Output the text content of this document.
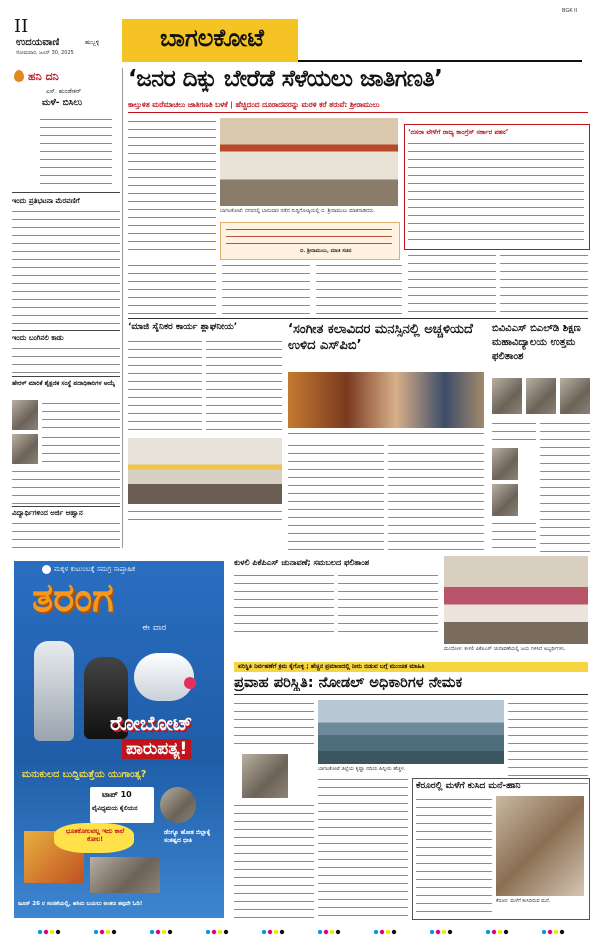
II
ಉದಯವಾಣಿ	ಹುಬ್ಬಳ್ಳಿ
ಸೋಮವಾರ, ಜೂನ್ 30, 2025
ಬಾಗಲಕೋಟೆ
BGK II
ಹನಿ ದನಿ
ಎಸ್. ಹುಂಡೇಕರ್
ಮಳೆ- ಬಿಸಿಲು
ಇಂದು ಪ್ರತಿಭಟನಾ ಮೆರವಣಿಗೆ
ಇಂದು ಬಂಗಿನಲಿ ಕಾಡು
ಹೇರಳ್ ಮಾರಿಕೆ ಶೈಕ್ಷಣಿಕ ಸಂಸ್ಥೆ ಪದಾಧಿಕಾರಿಗಳ ಆಯ್ಕೆ
ವಿದ್ಯಾರ್ಥಿಗಳಿಂದ ಅರ್ಜಿ ಆಹ್ವಾನ
‘ಜನರ ದಿಕ್ಕು ಬೇರೆಡೆ ಸೆಳೆಯಲು ಜಾತಿಗಣತಿ’
ಕಾಲ್ತುಳಿತ ಮರೆಮಾಚಲು ಜಾತಿಗಣತಿ ಬಳಕೆ | ಹೆಚ್ಚಿದಂದ ದೂರಾದವರನ್ನು ಮರಳಿ ಕರೆ ತರುವೆ: ಶ್ರೀರಾಮುಲು
ಬಾಗಲಕೋಟೆ: ನಗರದಲ್ಲಿ ಭಾನುವಾರ ನಡೆದ ಸುದ್ದಿಗೋಷ್ಠಿಯಲ್ಲಿ ಬಿ. ಶ್ರೀರಾಮುಲು ಮಾತನಾಡಿದರು.
ಬಿ. ಶ್ರೀರಾಮುಲು, ಮಾಜಿ ಸಚಿವ
‘ದಸರಾ ವೇಳೆಗೆ ರಾಜ್ಯ ಕಾಂಗ್ರೆಸ್ ಸರ್ಕಾರ ಪತನ’
‘ಮಾಜಿ ಸೈನಿಕರ ಕಾರ್ಯ ಶ್ಲಾಘನೀಯ’	‘ಸಂಗೀತ ಕಲಾವಿದರ ಮನಸ್ಸಿನಲ್ಲಿ ಅಚ್ಚಳಿಯದೆ ಉಳಿದ ಎಸ್‌ಪಿಬಿ’
ಬಿವಿವಿಎಸ್ ಬಿಎಲ್‌ಡಿ ಶಿಕ್ಷಣ ಮಹಾವಿದ್ಯಾಲಯ ಉತ್ತಮ ಫಲಿತಾಂಶ
ಮಕ್ಕಳ ಕುಟುಂಬಕ್ಕೆ ಸಮಗ್ರ ಸಾಪ್ತಾಹಿಕ
ತರಂಗ
ಈ ವಾರ
ರೋಬೋಟ್
ಪಾರುಪತ್ಯ!
ಮನುಕುಲದ ಬುದ್ಧಿಮತ್ತೆಯ ಯುಗಾಂತ್ಯ?
ಟಾಪ್ 10
ವೈವಿಧ್ಯಮಯ ಕೈಲಿಯನ
ಡೆಂಗ್ಯೂ ಹೋತ ಜಿಲ್ಲಾಕ್ಕೆ ಸಂಕಷ್ಟದ ಭೀತಿ
ಭೂತಕೋಲವಲ್ಲ ಇದು ಕಾಲೆ ಕೋಲ!
ಜೂನ್ 26 ರ ಸಂಚಿಕೆಯಲ್ಲಿ, ಹಸಿರು ಬಯಲು ಅಂಕಣ ತಪ್ಪದೇ ಓದಿ!
ಕುಳಲಿ ಪಿಕೆಪಿಎಸ್ ಚುನಾವಣೆ; ಸಮಬಲದ ಫಲಿತಾಂಶ
ಮುಧೋಳ: ಕುಳಲಿ ಪಿಕೆಪಿಎಸ್ ಚುನಾವಣೆಯಲ್ಲಿ ಜಯ ಗಳಿಸಿದ ಅಭ್ಯರ್ಥಿಗಳು.
ಪರಿಸ್ಥಿತಿ ನಿರ್ವಹಣೆಗೆ ಕ್ರಮ ಕೈಗೊಳ್ಳಿ ; ಹೆಚ್ಚಿನ ಪ್ರಮಾಣದಲ್ಲಿ ನೀರು ಬಿಡುವ ಬಗ್ಗೆ ಮುಂಚಿತ ಮಾಹಿತಿ
ಪ್ರವಾಹ ಪರಿಸ್ಥಿತಿ: ನೋಡಲ್ ಅಧಿಕಾರಿಗಳ ನೇಮಕ
ಬಾಗಲಕೋಟೆ ಜಿಲ್ಲೆಯ ಕೃಷ್ಣಾ ನದಿಯ ಹಿನ್ನೀರು ಹೆಚ್ಚಳ.
ಕೆರೂರಲ್ಲಿ ಮಳೆಗೆ ಕುಸಿದ ಮನೆ-ಹಾನಿ
ಕೆರೂರ: ಮಳೆಗೆ ಕುಸಿದಿರುವ ಮನೆ.
